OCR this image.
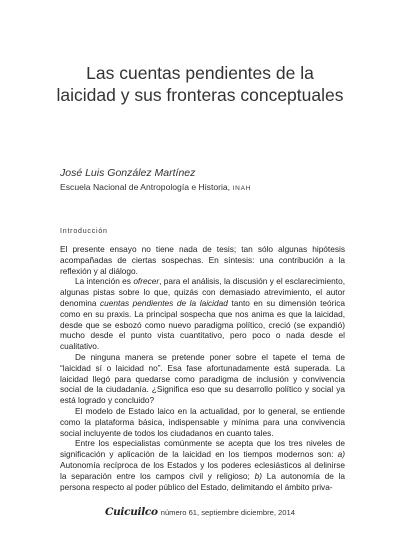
Las cuentas pendientes de la
laicidad y sus fronteras conceptuales

José Luis González Martínez

Escuela Nacional de Antropología e Historia, INAH

Introducción

El presente ensayo no tiene nada de tesis; tan sólo algunas hipótesis acompañadas de ciertas sospechas. En síntesis: una contribución a la reflexión y al diálogo.

La intención es ofrecer, para el análisis, la discusión y el esclarecimiento, algunas pistas sobre lo que, quizás con demasiado atrevimiento, el autor denomina cuentas pendientes de la laicidad tanto en su dimensión teórica como en su praxis. La principal sospecha que nos anima es que la laicidad, desde que se esbozó como nuevo paradigma político, creció (se expandió) mucho desde el punto vista cuantitativo, pero poco o nada desde el cualitativo.

De ninguna manera se pretende poner sobre el tapete el tema de “laicidad sí o laicidad no”. Esa fase afortunadamente está superada. La laicidad llegó para quedarse como paradigma de inclusión y convivencia social de la ciudadanía. ¿Significa eso que su desarrollo político y social ya está logrado y concluido?

El modelo de Estado laico en la actualidad, por lo general, se entiende como la plataforma básica, indispensable y mínima para una convivencia social incluyente de todos los ciudadanos en cuanto tales.

Entre los especialistas comúnmente se acepta que los tres niveles de significación y aplicación de la laicidad en los tiempos modernos son: a) Autonomía recíproca de los Estados y los poderes eclesiásticos al delinirse la separación entre los campos civil y religioso; b) La autonomía de la persona respecto al poder público del Estado, delimitando el ámbito priva-

Cuicuilco número 61, septiembre diciembre, 2014
